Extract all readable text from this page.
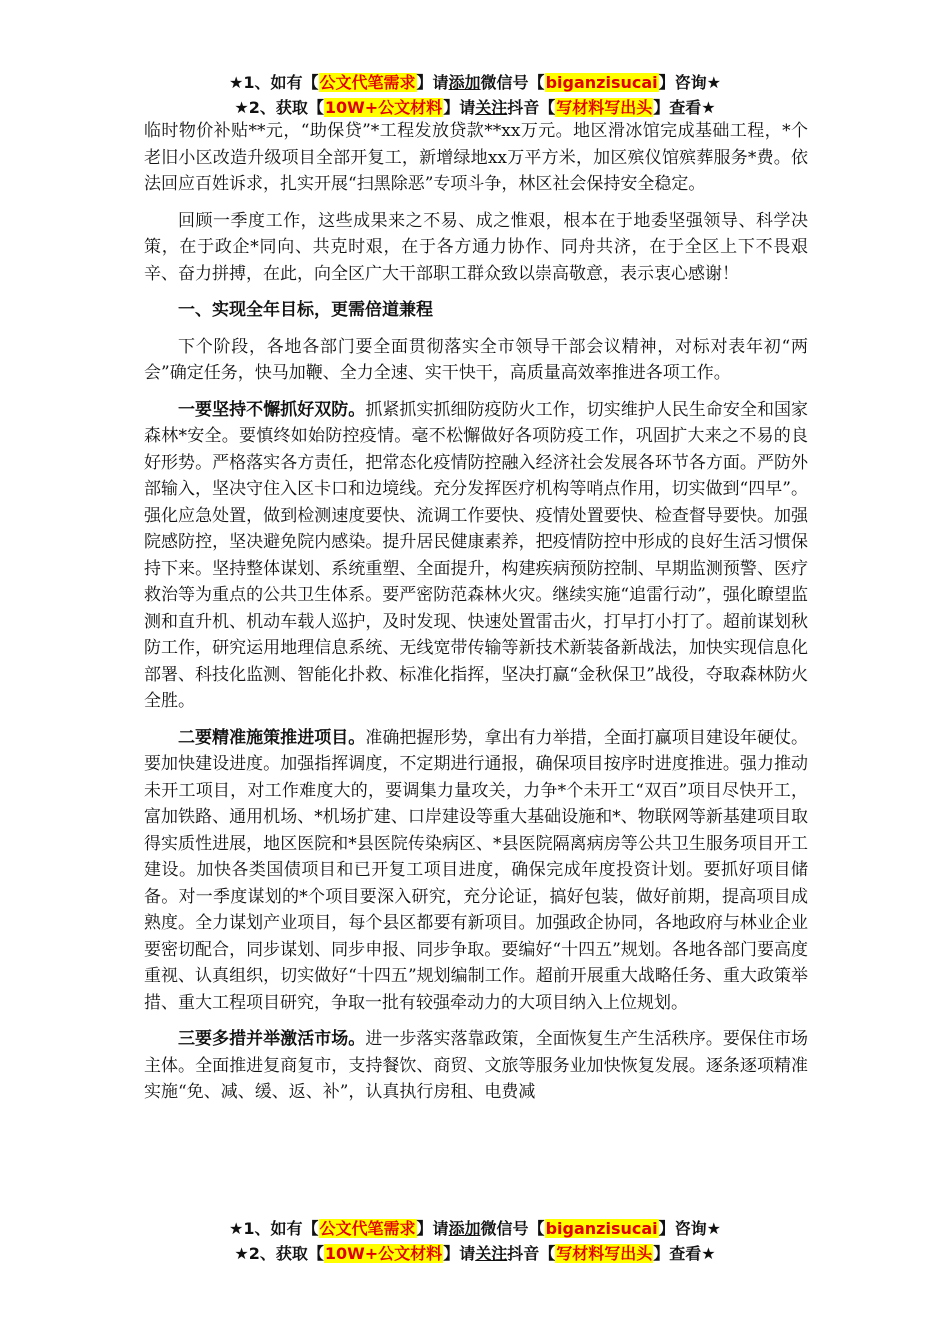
★1、如有【公文代笔需求】请添加微信号【biganzisucai】咨询★
★2、获取【10W+公文材料】请关注抖音【写材料写出头】查看★

临时物价补贴**元，“助保贷”*工程发放贷款**xx万元。地区滑冰馆完成基础工程，*个老旧小区改造升级项目全部开复工，新增绿地xx万平方米，加区殡仪馆殡葬服务*费。依法回应百姓诉求，扎实开展“扫黑除恶”专项斗争，林区社会保持安全稳定。

回顾一季度工作，这些成果来之不易、成之惟艰，根本在于地委坚强领导、科学决策，在于政企*同向、共克时艰，在于各方通力协作、同舟共济，在于全区上下不畏艰辛、奋力拼搏，在此，向全区广大干部职工群众致以崇高敬意，表示衷心感谢！

一、实现全年目标，更需倍道兼程

下个阶段，各地各部门要全面贯彻落实全市领导干部会议精神，对标对表年初“两会”确定任务，快马加鞭、全力全速、实干快干，高质量高效率推进各项工作。

一要坚持不懈抓好双防。抓紧抓实抓细防疫防火工作，切实维护人民生命安全和国家森林*安全。要慎终如始防控疫情。毫不松懈做好各项防疫工作，巩固扩大来之不易的良好形势。严格落实各方责任，把常态化疫情防控融入经济社会发展各环节各方面。严防外部输入，坚决守住入区卡口和边境线。充分发挥医疗机构等哨点作用，切实做到“四早”。强化应急处置，做到检测速度要快、流调工作要快、疫情处置要快、检查督导要快。加强院感防控，坚决避免院内感染。提升居民健康素养，把疫情防控中形成的良好生活习惯保持下来。坚持整体谋划、系统重塑、全面提升，构建疾病预防控制、早期监测预警、医疗救治等为重点的公共卫生体系。要严密防范森林火灾。继续实施“追雷行动”，强化瞭望监测和直升机、机动车载人巡护，及时发现、快速处置雷击火，打早打小打了。超前谋划秋防工作，研究运用地理信息系统、无线宽带传输等新技术新装备新战法，加快实现信息化部署、科技化监测、智能化扑救、标准化指挥，坚决打赢“金秋保卫”战役，夺取森林防火全胜。

二要精准施策推进项目。准确把握形势，拿出有力举措，全面打赢项目建设年硬仗。要加快建设进度。加强指挥调度，不定期进行通报，确保项目按序时进度推进。强力推动未开工项目，对工作难度大的，要调集力量攻关，力争*个未开工“双百”项目尽快开工，富加铁路、通用机场、*机场扩建、口岸建设等重大基础设施和*、物联网等新基建项目取得实质性进展，地区医院和*县医院传染病区、*县医院隔离病房等公共卫生服务项目开工建设。加快各类国债项目和已开复工项目进度，确保完成年度投资计划。要抓好项目储备。对一季度谋划的*个项目要深入研究，充分论证，搞好包装，做好前期，提高项目成熟度。全力谋划产业项目，每个县区都要有新项目。加强政企协同，各地政府与林业企业要密切配合，同步谋划、同步申报、同步争取。要编好“十四五”规划。各地各部门要高度重视、认真组织，切实做好“十四五”规划编制工作。超前开展重大战略任务、重大政策举措、重大工程项目研究，争取一批有较强牵动力的大项目纳入上位规划。

三要多措并举激活市场。进一步落实落靠政策，全面恢复生产生活秩序。要保住市场主体。全面推进复商复市，支持餐饮、商贸、文旅等服务业加快恢复发展。逐条逐项精准实施“免、减、缓、返、补”，认真执行房租、电费减

★1、如有【公文代笔需求】请添加微信号【biganzisucai】咨询★
★2、获取【10W+公文材料】请关注抖音【写材料写出头】查看★
